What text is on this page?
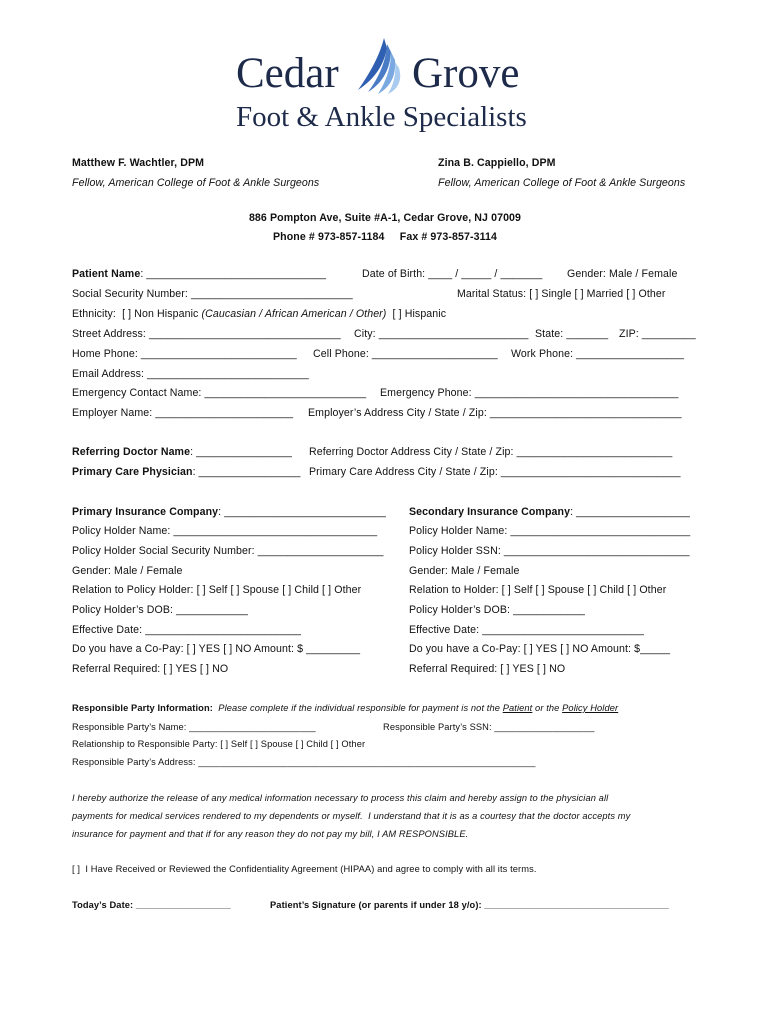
Cedar Grove
Foot & Ankle Specialists
Matthew F. Wachtler, DPM
Fellow, American College of Foot & Ankle Surgeons
Zina B. Cappiello, DPM
Fellow, American College of Foot & Ankle Surgeons
886 Pompton Ave, Suite #A-1, Cedar Grove, NJ 07009
Phone # 973-857-1184     Fax # 973-857-3114
Patient Name: ______________________________	Date of Birth: ____ / _____ / _______ Gender: Male / Female
Social Security Number: ___________________________	Marital Status: [ ] Single [ ] Married [ ] Other
Ethnicity:  [ ] Non Hispanic (Caucasian / African American / Other)  [ ] Hispanic
Street Address: ________________________________ City: _________________________ State: _______ ZIP: _________
Home Phone: __________________________ Cell Phone: _____________________ Work Phone: __________________
Email Address: ___________________________
Emergency Contact Name: ___________________________ Emergency Phone: __________________________________
Employer Name: _______________________ Employer’s Address City / State / Zip: ________________________________
Referring Doctor Name: ________________ Referring Doctor Address City / State / Zip: __________________________
Primary Care Physician: _________________ Primary Care Address City / State / Zip: ______________________________
Primary Insurance Company: ___________________________
Policy Holder Name: __________________________________
Policy Holder Social Security Number: _____________________
Gender: Male / Female
Relation to Policy Holder: [ ] Self [ ] Spouse [ ] Child [ ] Other
Policy Holder’s DOB: ____________
Effective Date: __________________________
Do you have a Co-Pay: [ ] YES [ ] NO Amount: $ _________
Referral Required: [ ] YES [ ] NO
Secondary Insurance Company: ___________________
Policy Holder Name: ______________________________
Policy Holder SSN: _______________________________
Gender: Male / Female
Relation to Holder: [ ] Self [ ] Spouse [ ] Child [ ] Other
Policy Holder’s DOB: ____________
Effective Date: ___________________________
Do you have a Co-Pay: [ ] YES [ ] NO Amount: $_____
Referral Required: [ ] YES [ ] NO
Responsible Party Information:  Please complete if the individual responsible for payment is not the Patient or the Policy Holder
Responsible Party’s Name: ________________________	Responsible Party’s SSN: ___________________
Relationship to Responsible Party: [ ] Self [ ] Spouse [ ] Child [ ] Other
Responsible Party’s Address: ________________________________________________________________
I hereby authorize the release of any medical information necessary to process this claim and hereby assign to the physician all
payments for medical services rendered to my dependents or myself.  I understand that it is as a courtesy that the doctor accepts my
insurance for payment and that if for any reason they do not pay my bill, I AM RESPONSIBLE.
[ ]  I Have Received or Reviewed the Confidentiality Agreement (HIPAA) and agree to comply with all its terms.
Today’s Date: __________________	Patient’s Signature (or parents if under 18 y/o): ___________________________________
